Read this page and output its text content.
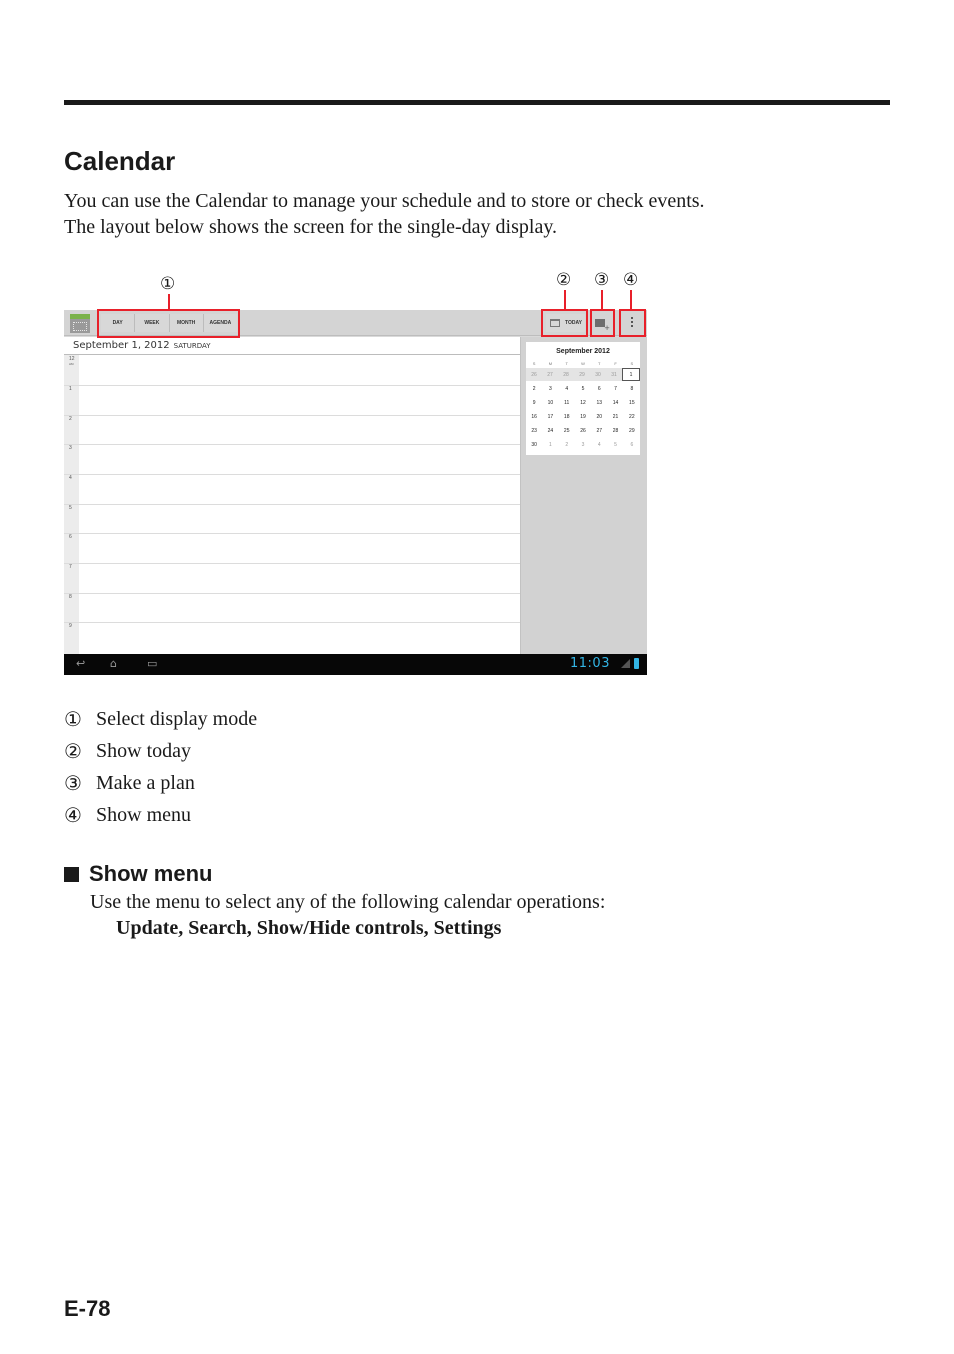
Calendar
You can use the Calendar to manage your schedule and to store or check events.
The layout below shows the screen for the single-day display.
①	② ③ ④
DAY	WEEK	MONTH	AGENDA	TODAY
+
September 1, 2012 SATURDAY
12
AM
1
2
3
4
5
6
7
8
9
September 2012
S	M	T	W	T	F	S
26	27	28	29	30	31	1
2	3	4	5	6	7	8
9	10	11	12	13	14	15
16	17	18	19	20	21	22
23	24	25	26	27	28	29
30	1	2	3	4	5	6
↩ ⌂	▭	11:03
① Select display mode
② Show today
③ Make a plan
④ Show menu
Show menu
Use the menu to select any of the following calendar operations:
Update, Search, Show/Hide controls, Settings
E-78
